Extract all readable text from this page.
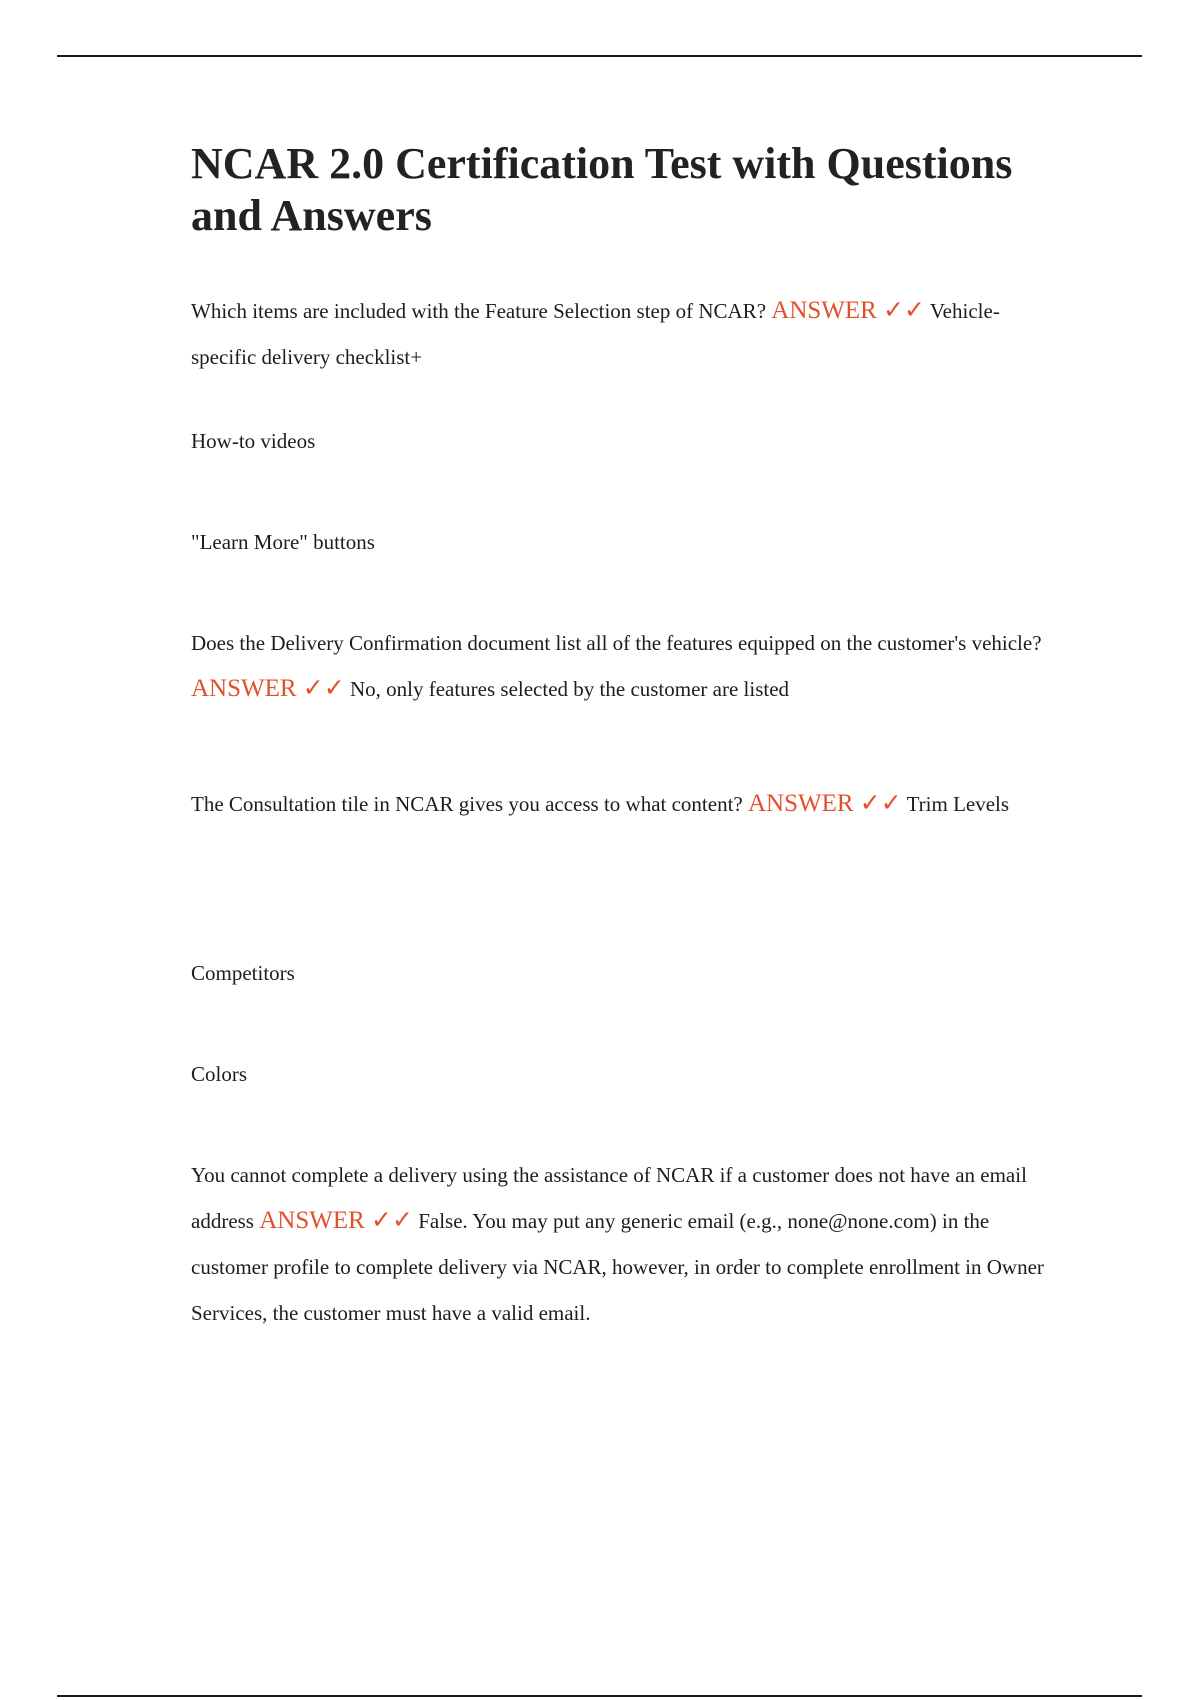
NCAR 2.0 Certification Test with Questions and Answers

Which items are included with the Feature Selection step of NCAR? ANSWER ✓✓ Vehicle-specific delivery checklist+

How-to videos

"Learn More" buttons

Does the Delivery Confirmation document list all of the features equipped on the customer's vehicle? ANSWER ✓✓ No, only features selected by the customer are listed

The Consultation tile in NCAR gives you access to what content? ANSWER ✓✓ Trim Levels

Competitors

Colors

You cannot complete a delivery using the assistance of NCAR if a customer does not have an email address ANSWER ✓✓ False. You may put any generic email (e.g., none@none.com) in the customer profile to complete delivery via NCAR, however, in order to complete enrollment in Owner Services, the customer must have a valid email.
